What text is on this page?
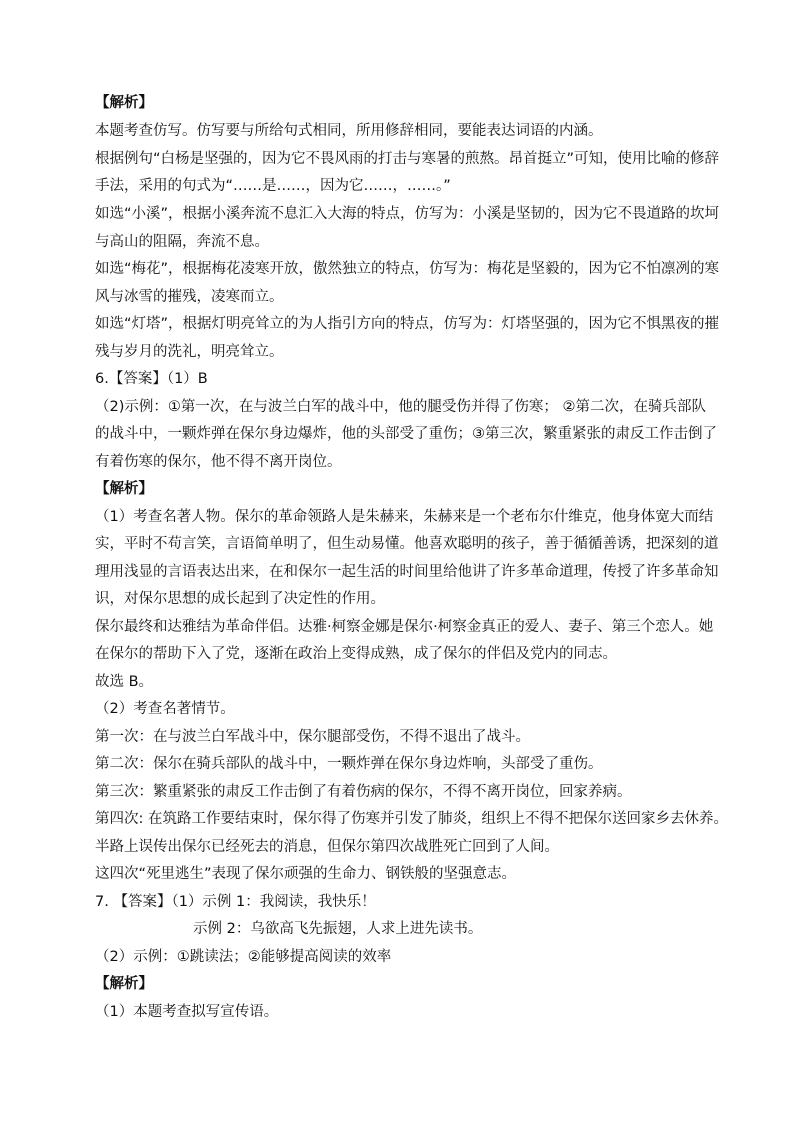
【解析】
本题考查仿写。仿写要与所给句式相同，所用修辞相同，要能表达词语的内涵。
根据例句“白杨是坚强的，因为它不畏风雨的打击与寒暑的煎熬。昂首挺立”可知，使用比喻的修辞
手法，采用的句式为“……是……，因为它……，……。”
如选“小溪”，根据小溪奔流不息汇入大海的特点，仿写为：小溪是坚韧的，因为它不畏道路的坎坷
与高山的阻隔，奔流不息。
如选“梅花”，根据梅花凌寒开放，傲然独立的特点，仿写为：梅花是坚毅的，因为它不怕凛冽的寒
风与冰雪的摧残，凌寒而立。
如选“灯塔”，根据灯明亮耸立的为人指引方向的特点，仿写为：灯塔坚强的，因为它不惧黑夜的摧
残与岁月的洗礼，明亮耸立。
6.【答案】（1）B
（2)示例：①第一次，在与波兰白军的战斗中，他的腿受伤并得了伤寒； ②第二次，在骑兵部队
的战斗中，一颗炸弹在保尔身边爆炸，他的头部受了重伤；③第三次，繁重紧张的肃反工作击倒了
有着伤寒的保尔，他不得不离开岗位。
【解析】
（1）考查名著人物。保尔的革命领路人是朱赫来，朱赫来是一个老布尔什维克，他身体宽大而结
实，平时不苟言笑，言语简单明了，但生动易懂。他喜欢聪明的孩子，善于循循善诱，把深刻的道
理用浅显的言语表达出来，在和保尔一起生活的时间里给他讲了许多革命道理，传授了许多革命知
识，对保尔思想的成长起到了决定性的作用。
保尔最终和达雅结为革命伴侣。达雅·柯察金娜是保尔·柯察金真正的爱人、妻子、第三个恋人。她
在保尔的帮助下入了党，逐渐在政治上变得成熟，成了保尔的伴侣及党内的同志。
故选 B。
（2）考查名著情节。
第一次：在与波兰白军战斗中，保尔腿部受伤，不得不退出了战斗。
第二次：保尔在骑兵部队的战斗中，一颗炸弹在保尔身边炸响，头部受了重伤。
第三次：繁重紧张的肃反工作击倒了有着伤病的保尔，不得不离开岗位，回家养病。
第四次: 在筑路工作要结束时，保尔得了伤寒并引发了肺炎，组织上不得不把保尔送回家乡去休养。
半路上误传出保尔已经死去的消息，但保尔第四次战胜死亡回到了人间。
这四次“死里逃生”表现了保尔顽强的生命力、钢铁般的坚强意志。
7. 【答案】（1）示例 1：我阅读，我快乐！
示例 2：乌欲高飞先振翅，人求上进先读书。
（2）示例：①跳读法；②能够提高阅读的效率
【解析】
（1）本题考查拟写宣传语。
